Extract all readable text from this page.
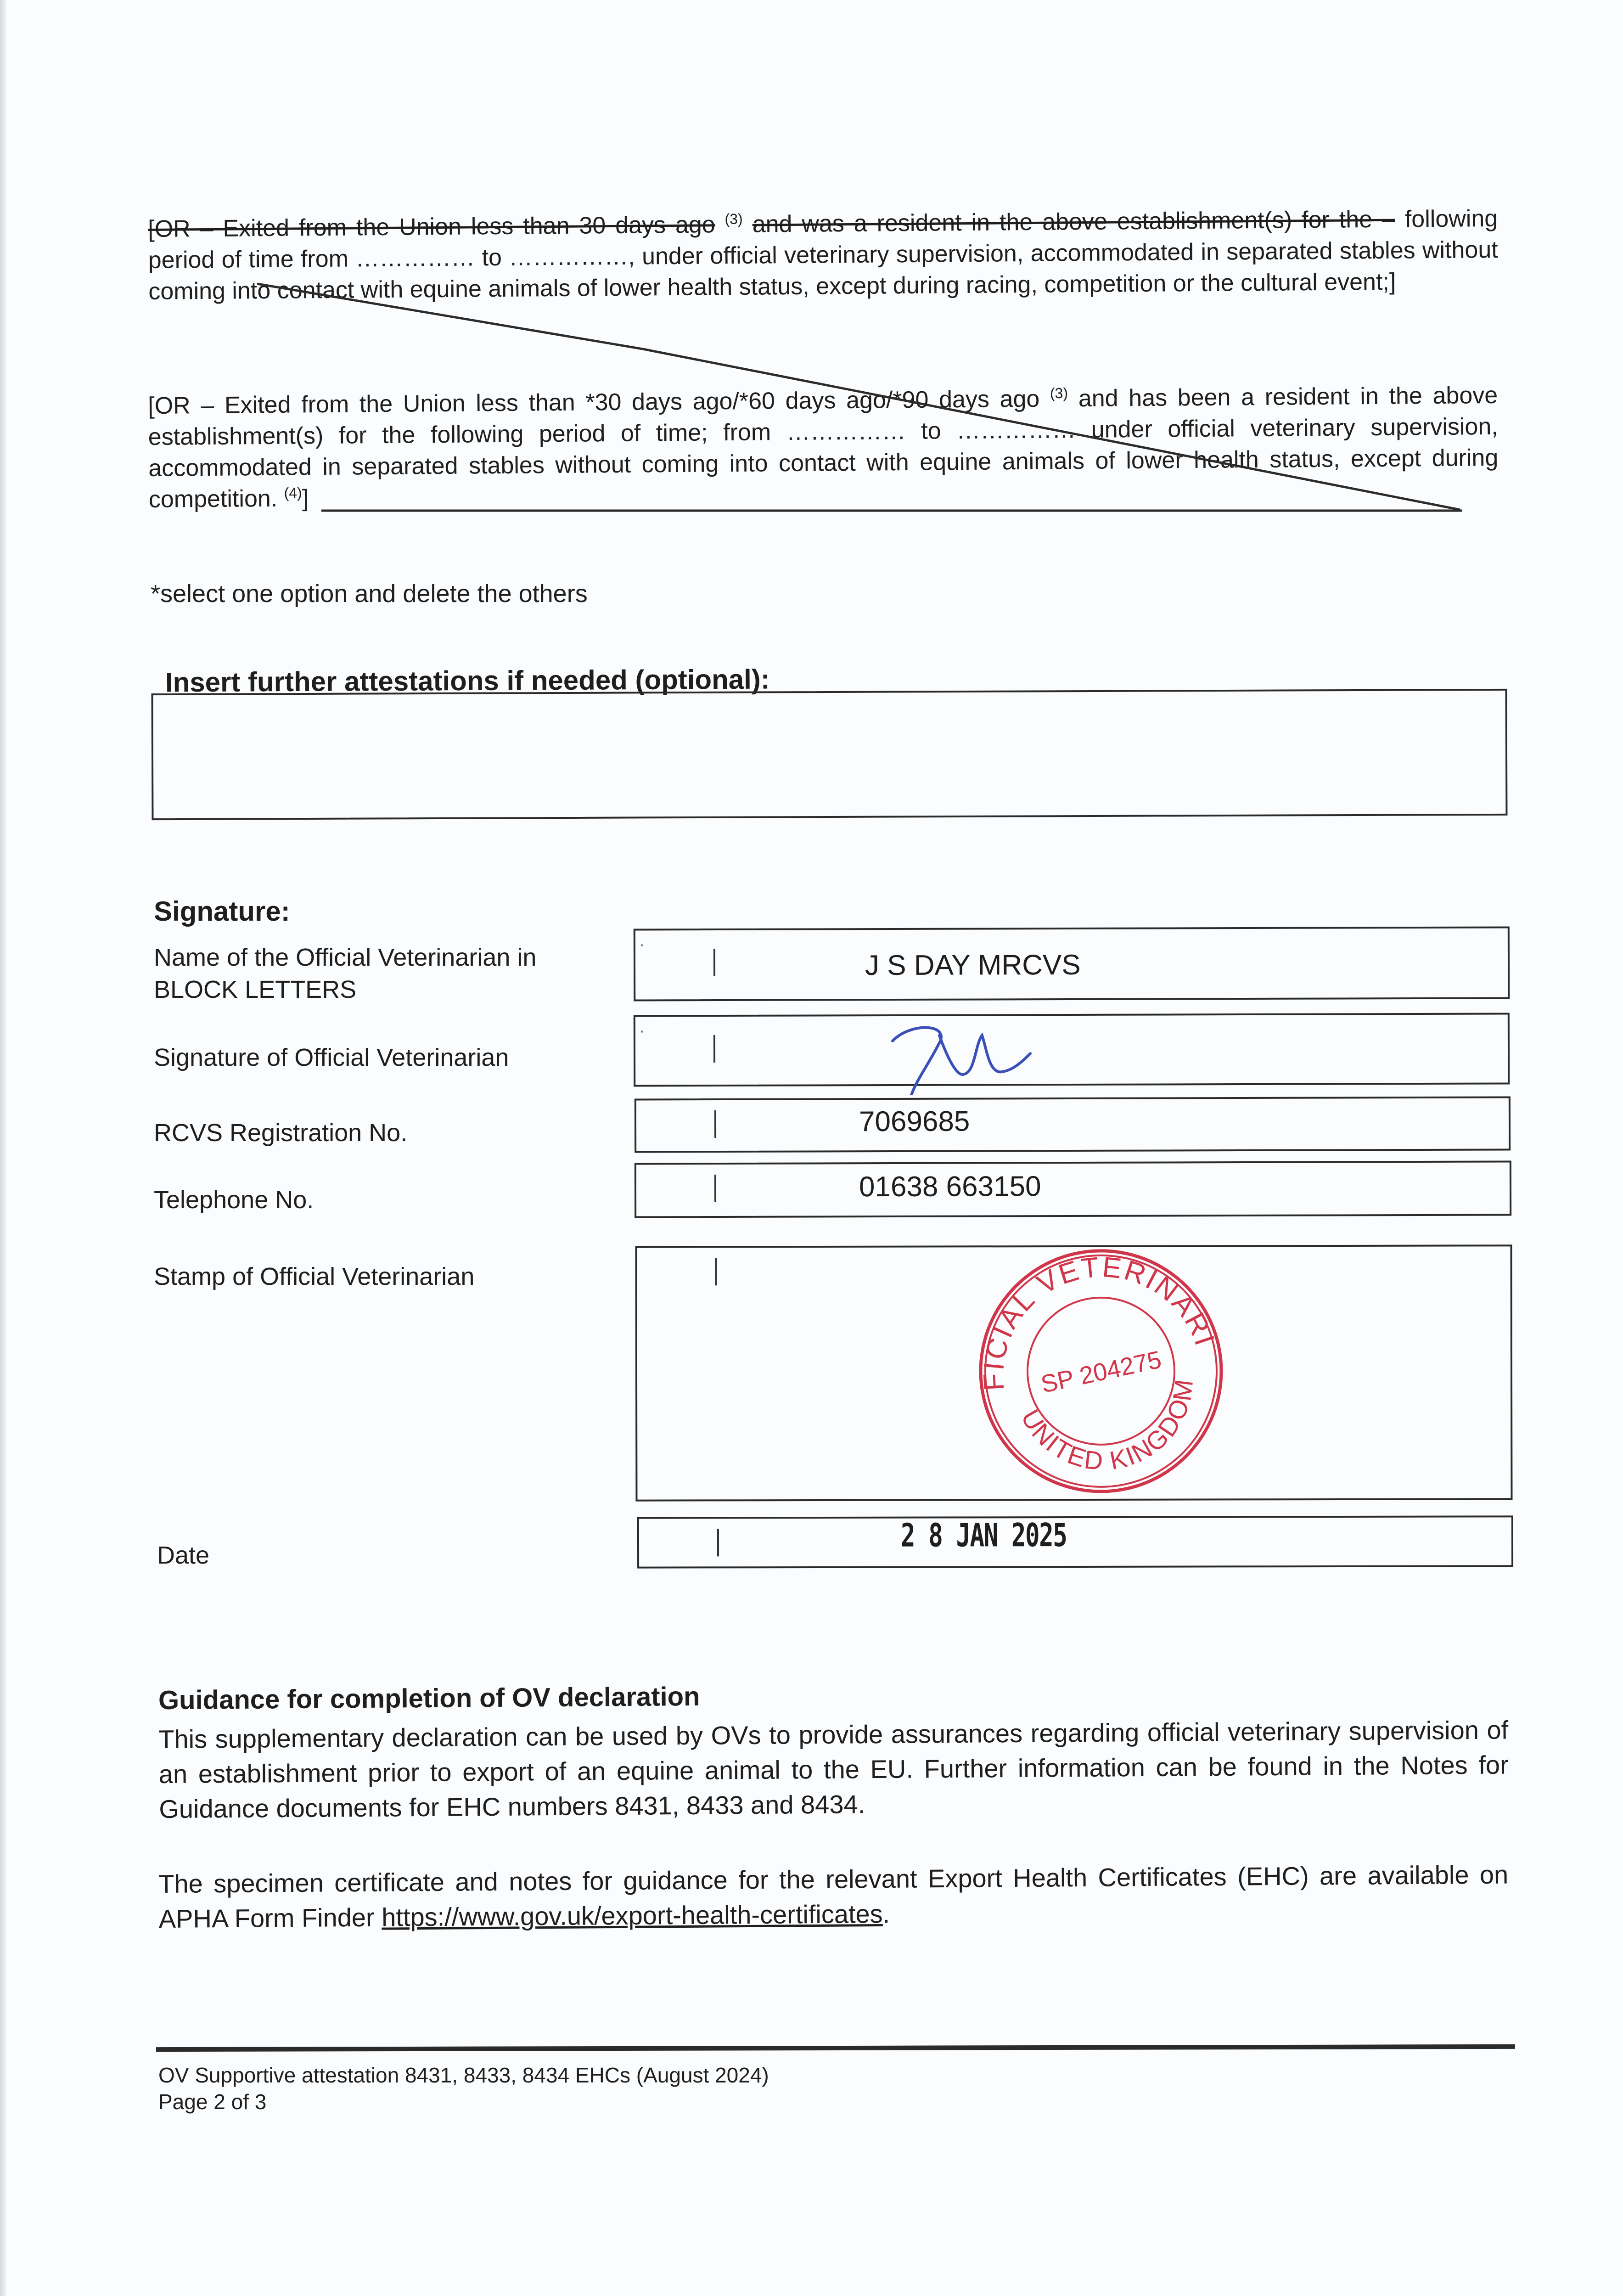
[OR – Exited from the Union less than 30 days ago $^{(3)}$ and was a resident in the above establishment(s) for the – following period of time from …………… to ……………, under official veterinary supervision, accommodated in separated stables without coming into contact with equine animals of lower health status, except during racing, competition or the cultural event;]
[OR – Exited from the Union less than *30 days ago/*60 days ago/*90 days ago $^{(3)}$ and has been a resident in the above establishment(s) for the following period of time; from …………… to …………… under official veterinary supervision, accommodated in separated stables without coming into contact with equine animals of lower health status, except during competition. $^{(4)}$]
*select one option and delete the others
Insert further attestations if needed (optional):
Signature:
Name of the Official Veterinarian in BLOCK LETTERS
J S DAY MRCVS
Signature of Official Veterinarian
RCVS Registration No.	7069685
Telephone No.	01638 663150
Stamp of Official Veterinarian	OFFICIAL VETERINARIAN
UNITED KINGDOM
SP 204275
Date
2 8 JAN 2025
Guidance for completion of OV declaration
This supplementary declaration can be used by OVs to provide assurances regarding official veterinary supervision of an establishment prior to export of an equine animal to the EU. Further information can be found in the Notes for Guidance documents for EHC numbers 8431, 8433 and 8434.
The specimen certificate and notes for guidance for the relevant Export Health Certificates (EHC) are available on APHA Form Finder https://www.gov.uk/export-health-certificates.
OV Supportive attestation 8431, 8433, 8434 EHCs (August 2024)
Page 2 of 3
